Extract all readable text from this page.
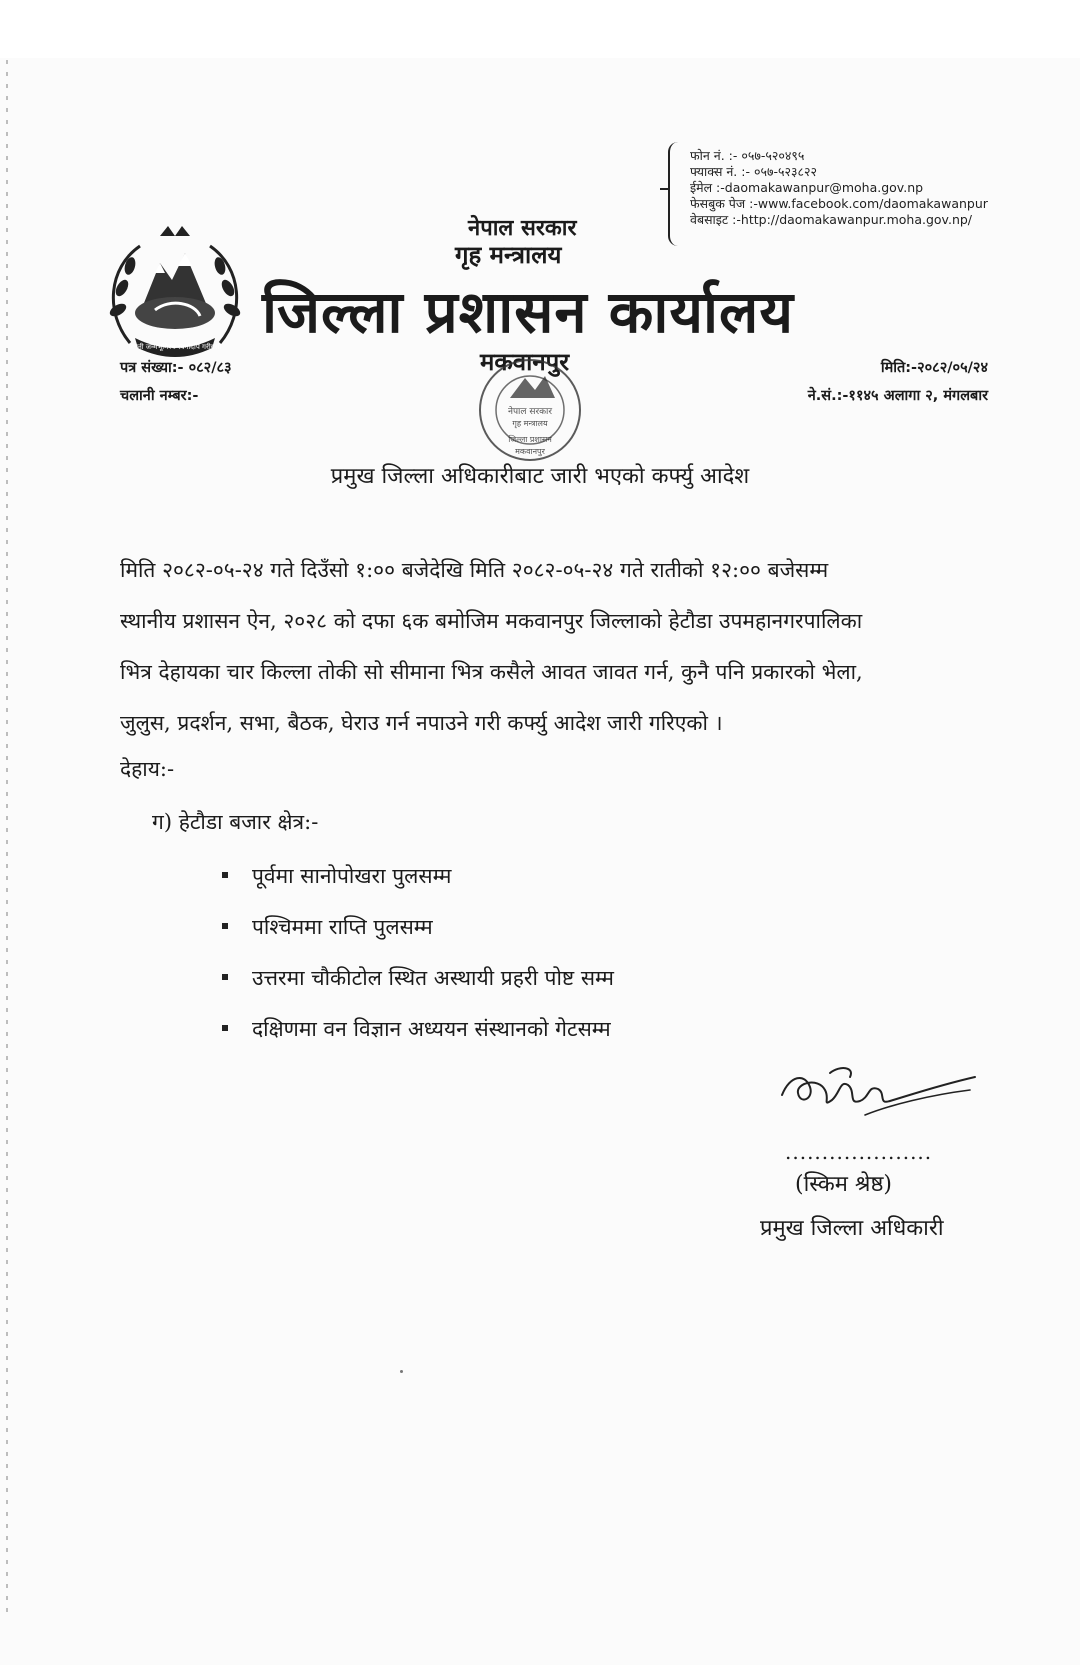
फोन नं. :- ०५७-५२०४९५
फ्याक्स नं. :- ०५७-५२३८२२
ईमेल :-daomakawanpur@moha.gov.np
फेसबुक पेज :-www.facebook.com/daomakawanpur
वेबसाइट :-http://daomakawanpur.moha.gov.np/
जननी जन्मभूमिश्च स्वर्गादपि गरीयसी
नेपाल सरकार
गृह मन्त्रालय
जिल्ला प्रशासन कार्यालय
मकवानपुर
नेपाल सरकार
गृह मन्त्रालय
जिल्ला प्रशासन
मकवानपुर
पत्र संख्या:- ०८२/८३
चलानी नम्बर:-
मिति:-२०८२/०५/२४
ने.सं.:-११४५ अलागा २, मंगलबार
प्रमुख जिल्ला अधिकारीबाट जारी भएको कर्फ्यु आदेश
मिति २०८२-०५-२४ गते दिउँसो १:०० बजेदेखि मिति २०८२-०५-२४ गते रातीको १२:०० बजेसम्म
स्थानीय प्रशासन ऐन, २०२८ को दफा ६क बमोजिम मकवानपुर जिल्लाको हेटौडा उपमहानगरपालिका
भित्र देहायका चार किल्ला तोकी सो सीमाना भित्र कसैले आवत जावत गर्न, कुनै पनि प्रकारको भेला,
जुलुस, प्रदर्शन, सभा, बैठक, घेराउ गर्न नपाउने गरी कर्फ्यु आदेश जारी गरिएको ।
देहाय:-
ग) हेटौडा बजार क्षेत्र:-
पूर्वमा सानोपोखरा पुलसम्म
पश्चिममा राप्ति पुलसम्म
उत्तरमा चौकीटोल स्थित अस्थायी प्रहरी पोष्ट सम्म
दक्षिणमा वन विज्ञान अध्ययन संस्थानको गेटसम्म
....................
(स्किम श्रेष्ठ)
प्रमुख जिल्ला अधिकारी
